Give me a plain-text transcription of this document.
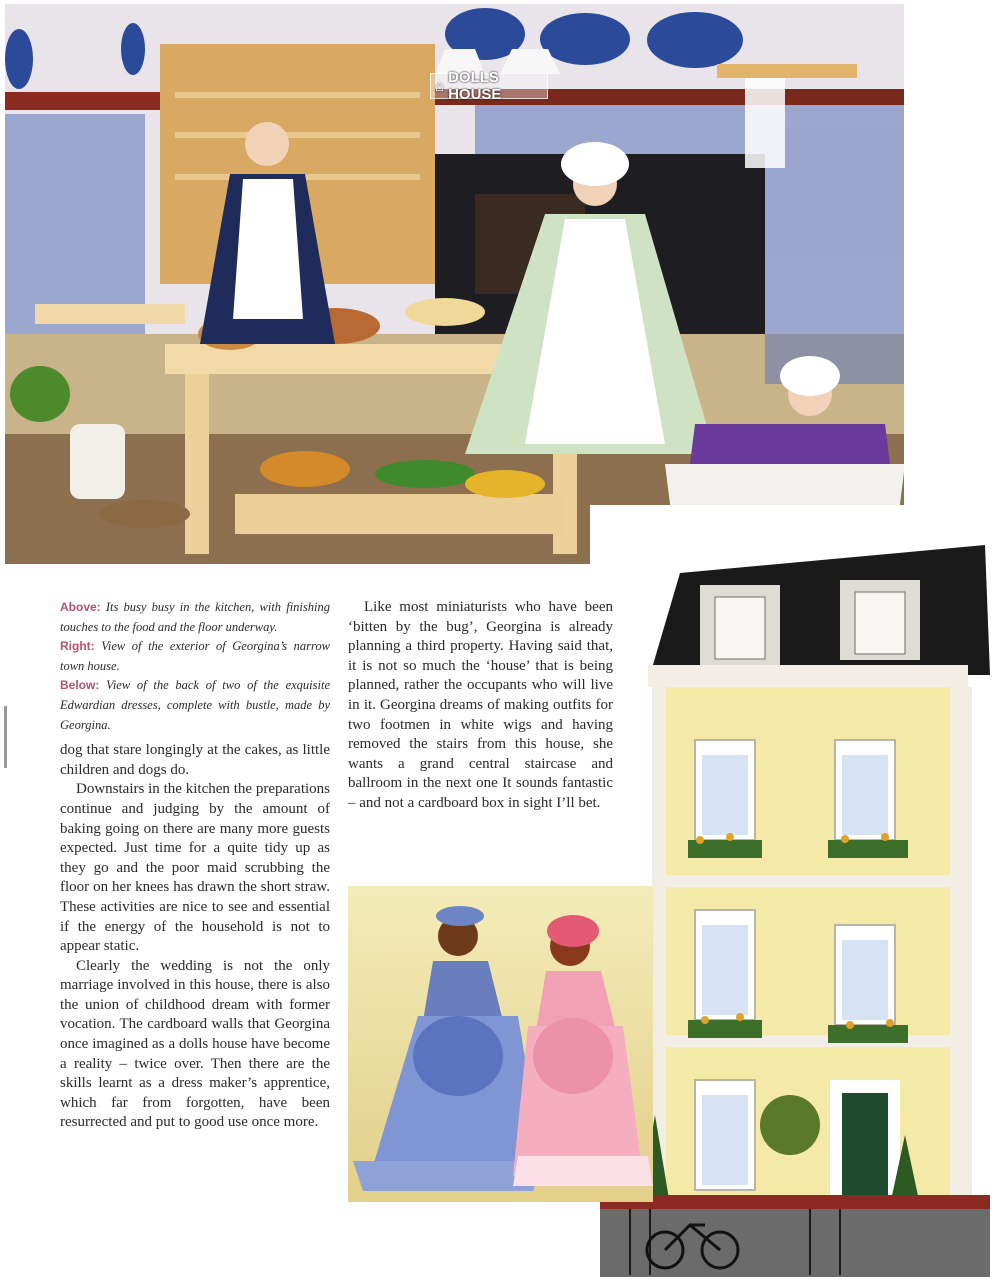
⌂ DOLLS HOUSE

Above: Its busy busy in the kitchen, with finishing touches to the food and the floor underway.

Right: View of the exterior of Georgina’s narrow town house.

Below: View of the back of two of the exquisite Edwardian dresses, complete with bustle, made by Georgina.

dog that stare longingly at the cakes, as little children and dogs do.

Downstairs in the kitchen the preparations continue and judging by the amount of baking going on there are many more guests expected. Just time for a quite tidy up as they go and the poor maid scrubbing the floor on her knees has drawn the short straw. These activities are nice to see and essential if the energy of the household is not to appear static.

Clearly the wedding is not the only marriage involved in this house, there is also the union of childhood dream with former vocation. The cardboard walls that Georgina once imagined as a dolls house have become a reality – twice over. Then there are the skills learnt as a dress maker’s apprentice, which far from forgotten, have been resurrected and put to good use once more.

Like most miniaturists who have been ‘bitten by the bug’, Georgina is already planning a third property. Having said that, it is not so much the ‘house’ that is being planned, rather the occupants who will live in it. Georgina dreams of making outfits for two footmen in white wigs and having removed the stairs from this house, she wants a grand central staircase and ballroom in the next one It sounds fantastic – and not a cardboard box in sight I’ll bet.
